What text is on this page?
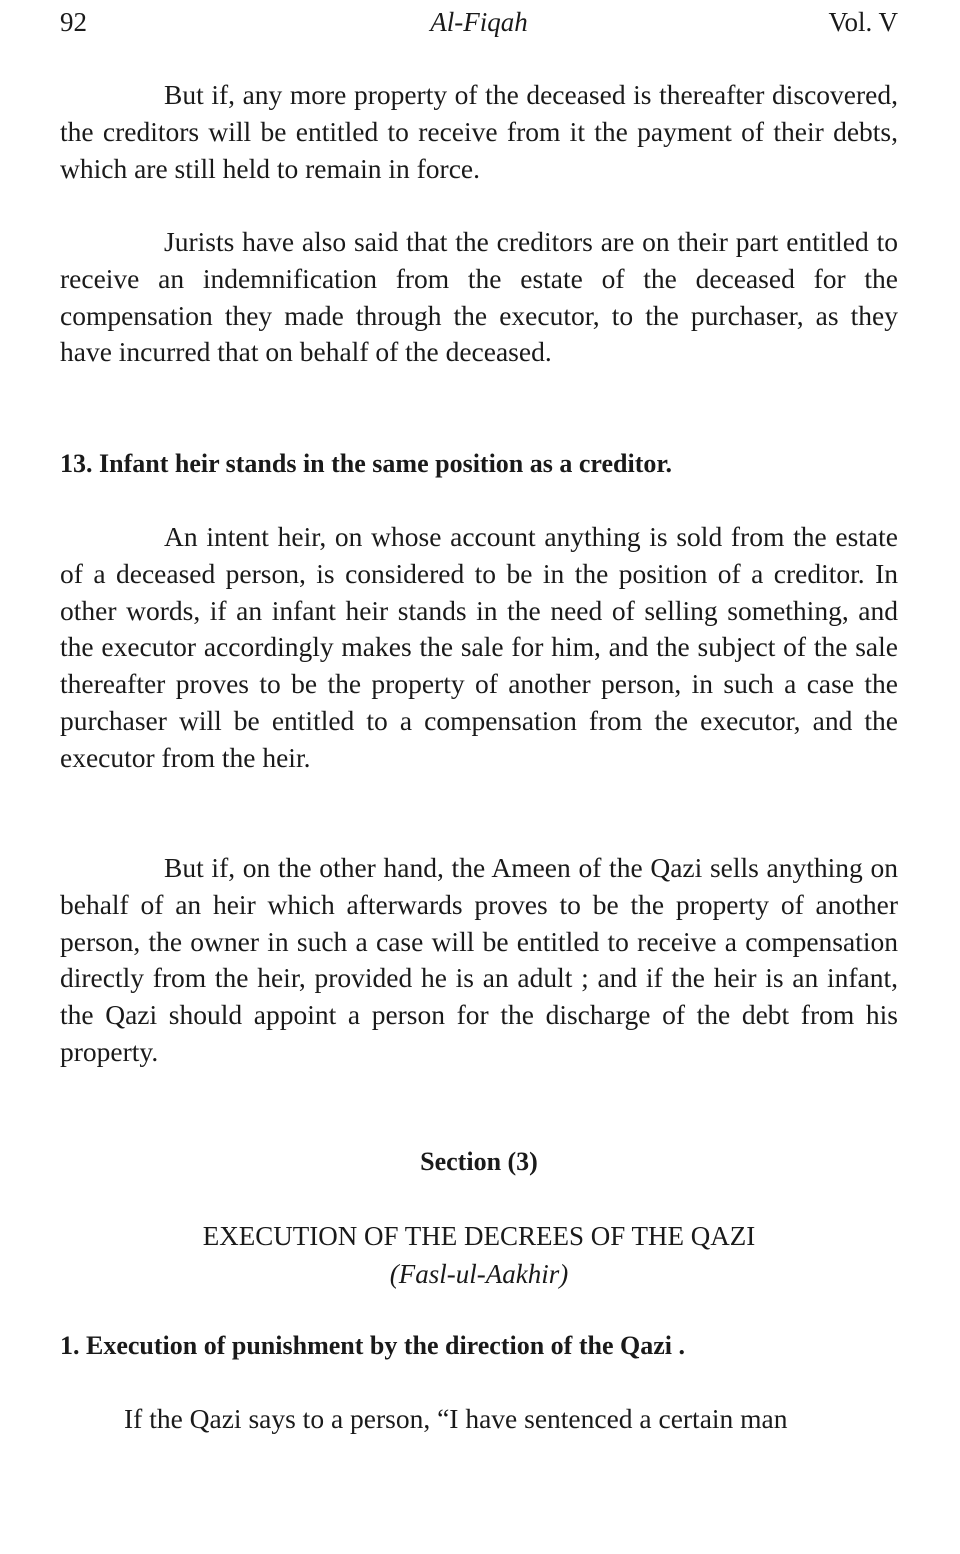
92	Al-Fiqah	Vol. V

But if, any more property of the deceased is thereafter discovered, the creditors will be entitled to receive from it the payment of their debts, which are still held to remain in force.

Jurists have also said that the creditors are on their part entitled to receive an indemnification from the estate of the deceased for the compensation they made through the executor, to the purchaser, as they have incurred that on behalf of the deceased.

13. Infant heir stands in the same position as a creditor.

An intent heir, on whose account anything is sold from the estate of a deceased person, is considered to be in the position of a creditor. In other words, if an infant heir stands in the need of selling something, and the executor accordingly makes the sale for him, and the subject of the sale thereafter proves to be the property of another person, in such a case the purchaser will be entitled to a compensation from the executor, and the executor from the heir.

But if, on the other hand, the Ameen of the Qazi sells anything on behalf of an heir which afterwards proves to be the property of another person, the owner in such a case will be entitled to receive a compensation directly from the heir, provided he is an adult ; and if the heir is an infant, the Qazi should appoint a person for the discharge of the debt from his property.

Section (3)
EXECUTION OF THE DECREES OF THE QAZI
(Fasl-ul-Aakhir)
1. Execution of punishment by the direction of the Qazi .

If the Qazi says to a person, “I have sentenced a certain man
